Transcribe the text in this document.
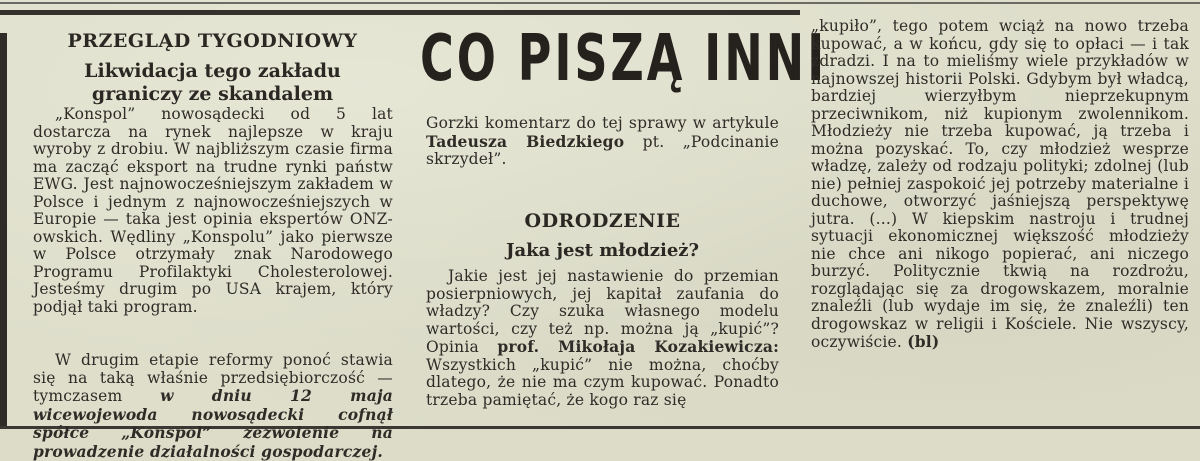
PRZEGLĄD TYGODNIOWY
Likwidacja tego zakładu
graniczy ze skandalem

„Konspol” nowosądecki od 5 lat dostarcza na rynek najlepsze w kraju wyroby z drobiu. W najbliższym czasie firma ma zacząć eksport na trudne rynki państw EWG. Jest najnowocześniejszym zakładem w Polsce i jednym z najnowocześniejszych w Europie — taka jest opinia ekspertów ONZ-owskich. Wędliny „Konspolu” jako pierwsze w Polsce otrzymały znak Narodowego Programu Profilaktyki Cholesterolowej. Jesteśmy drugim po USA krajem, który podjął taki program.

W drugim etapie reformy ponoć stawia się na taką właśnie przedsiębiorczość — tymczasem w dniu 12 maja wicewojewoda nowosądecki cofnął spółce „Konspol” zezwolenie na prowadzenie działalności gospodarczej.

CO PISZĄ INNI

Gorzki komentarz do tej sprawy w artykule Tadeusza Biedzkiego pt. „Podcinanie skrzydeł”.

ODRODZENIE
Jaka jest młodzież?

Jakie jest jej nastawienie do przemian posierpniowych, jej kapitał zaufania do władzy? Czy szuka własnego modelu wartości, czy też np. można ją „kupić”? Opinia prof. Mikołaja Kozakiewicza: Wszystkich „kupić” nie można, choćby dlatego, że nie ma czym kupować. Ponadto trzeba pamiętać, że kogo raz się

„kupiło”, tego potem wciąż na nowo trzeba kupować, a w końcu, gdy się to opłaci — i tak zdradzi. I na to mieliśmy wiele przykładów w najnowszej historii Polski. Gdybym był władcą, bardziej wierzyłbym nieprzekupnym przeciwnikom, niż kupionym zwolennikom. Młodzieży nie trzeba kupować, ją trzeba i można pozyskać. To, czy młodzież wesprze władzę, zależy od rodzaju polityki; zdolnej (lub nie) pełniej zaspokoić jej potrzeby materialne i duchowe, otworzyć jaśniejszą perspektywę jutra. (...) W kiepskim nastroju i trudnej sytuacji ekonomicznej większość młodzieży nie chce ani nikogo popierać, ani niczego burzyć. Politycznie tkwią na rozdrożu, rozglądając się za drogowskazem, moralnie znaleźli (lub wydaje im się, że znaleźli) ten drogowskaz w religii i Kościele. Nie wszyscy, oczywiście. (bl)
